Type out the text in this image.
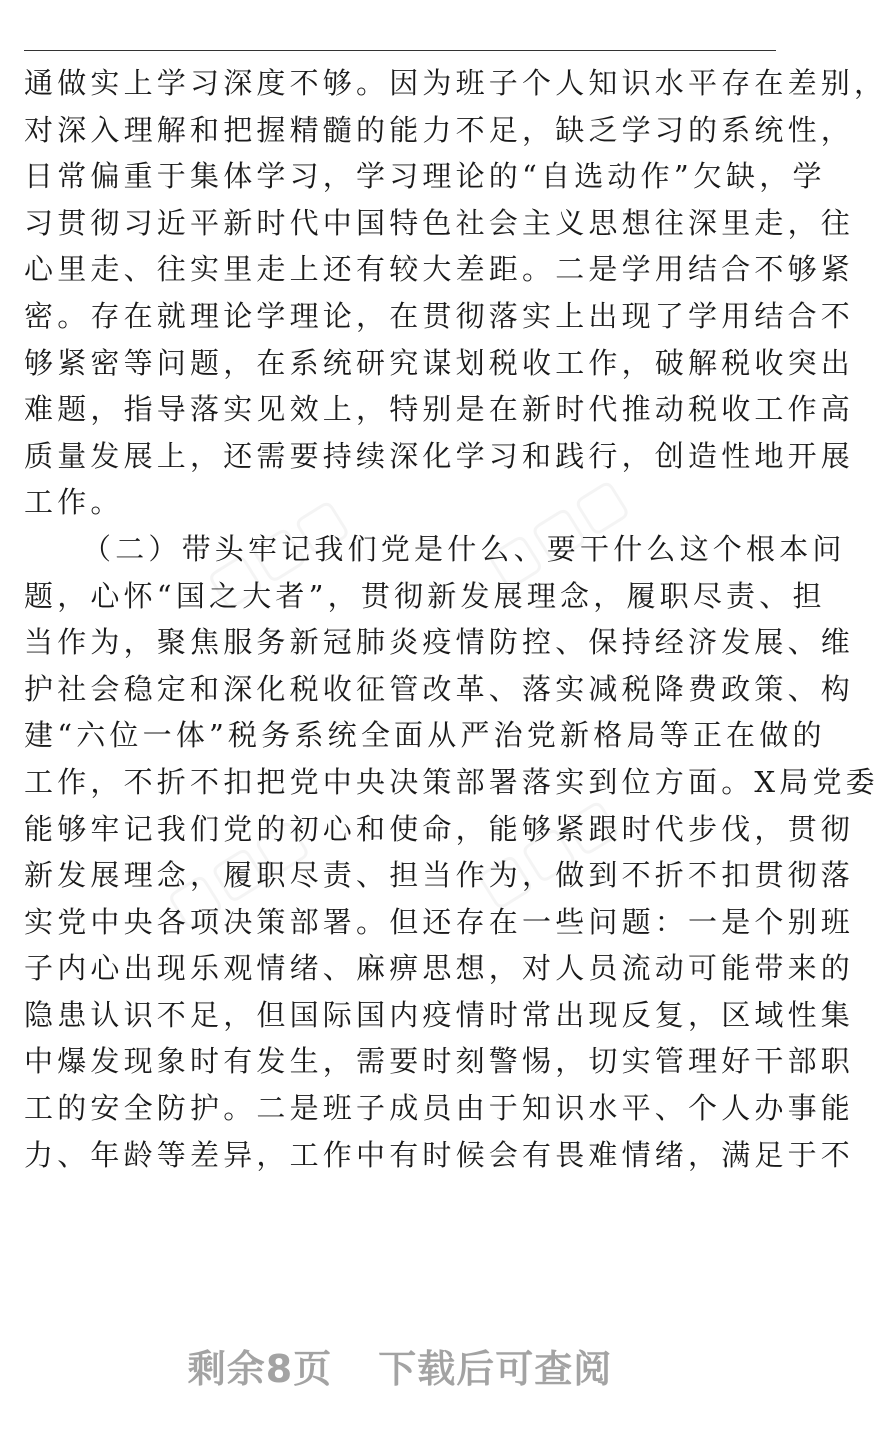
通做实上学习深度不够。因为班子个人知识水平存在差别，
对深入理解和把握精髓的能力不足，缺乏学习的系统性，
日常偏重于集体学习，学习理论的“自选动作”欠缺，学
习贯彻习近平新时代中国特色社会主义思想往深里走，往
心里走、往实里走上还有较大差距。二是学用结合不够紧
密。存在就理论学理论，在贯彻落实上出现了学用结合不
够紧密等问题，在系统研究谋划税收工作，破解税收突出
难题，指导落实见效上，特别是在新时代推动税收工作高
质量发展上，还需要持续深化学习和践行，创造性地开展
工作。
（二）带头牢记我们党是什么、要干什么这个根本问
题，心怀“国之大者”，贯彻新发展理念，履职尽责、担
当作为，聚焦服务新冠肺炎疫情防控、保持经济发展、维
护社会稳定和深化税收征管改革、落实减税降费政策、构
建“六位一体”税务系统全面从严治党新格局等正在做的
工作，不折不扣把党中央决策部署落实到位方面。X局党委
能够牢记我们党的初心和使命，能够紧跟时代步伐，贯彻
新发展理念，履职尽责、担当作为，做到不折不扣贯彻落
实党中央各项决策部署。但还存在一些问题：一是个别班
子内心出现乐观情绪、麻痹思想，对人员流动可能带来的
隐患认识不足，但国际国内疫情时常出现反复，区域性集
中爆发现象时有发生，需要时刻警惕，切实管理好干部职
工的安全防护。二是班子成员由于知识水平、个人办事能
力、年龄等差异，工作中有时候会有畏难情绪，满足于不
剩余8页 下载后可查阅
